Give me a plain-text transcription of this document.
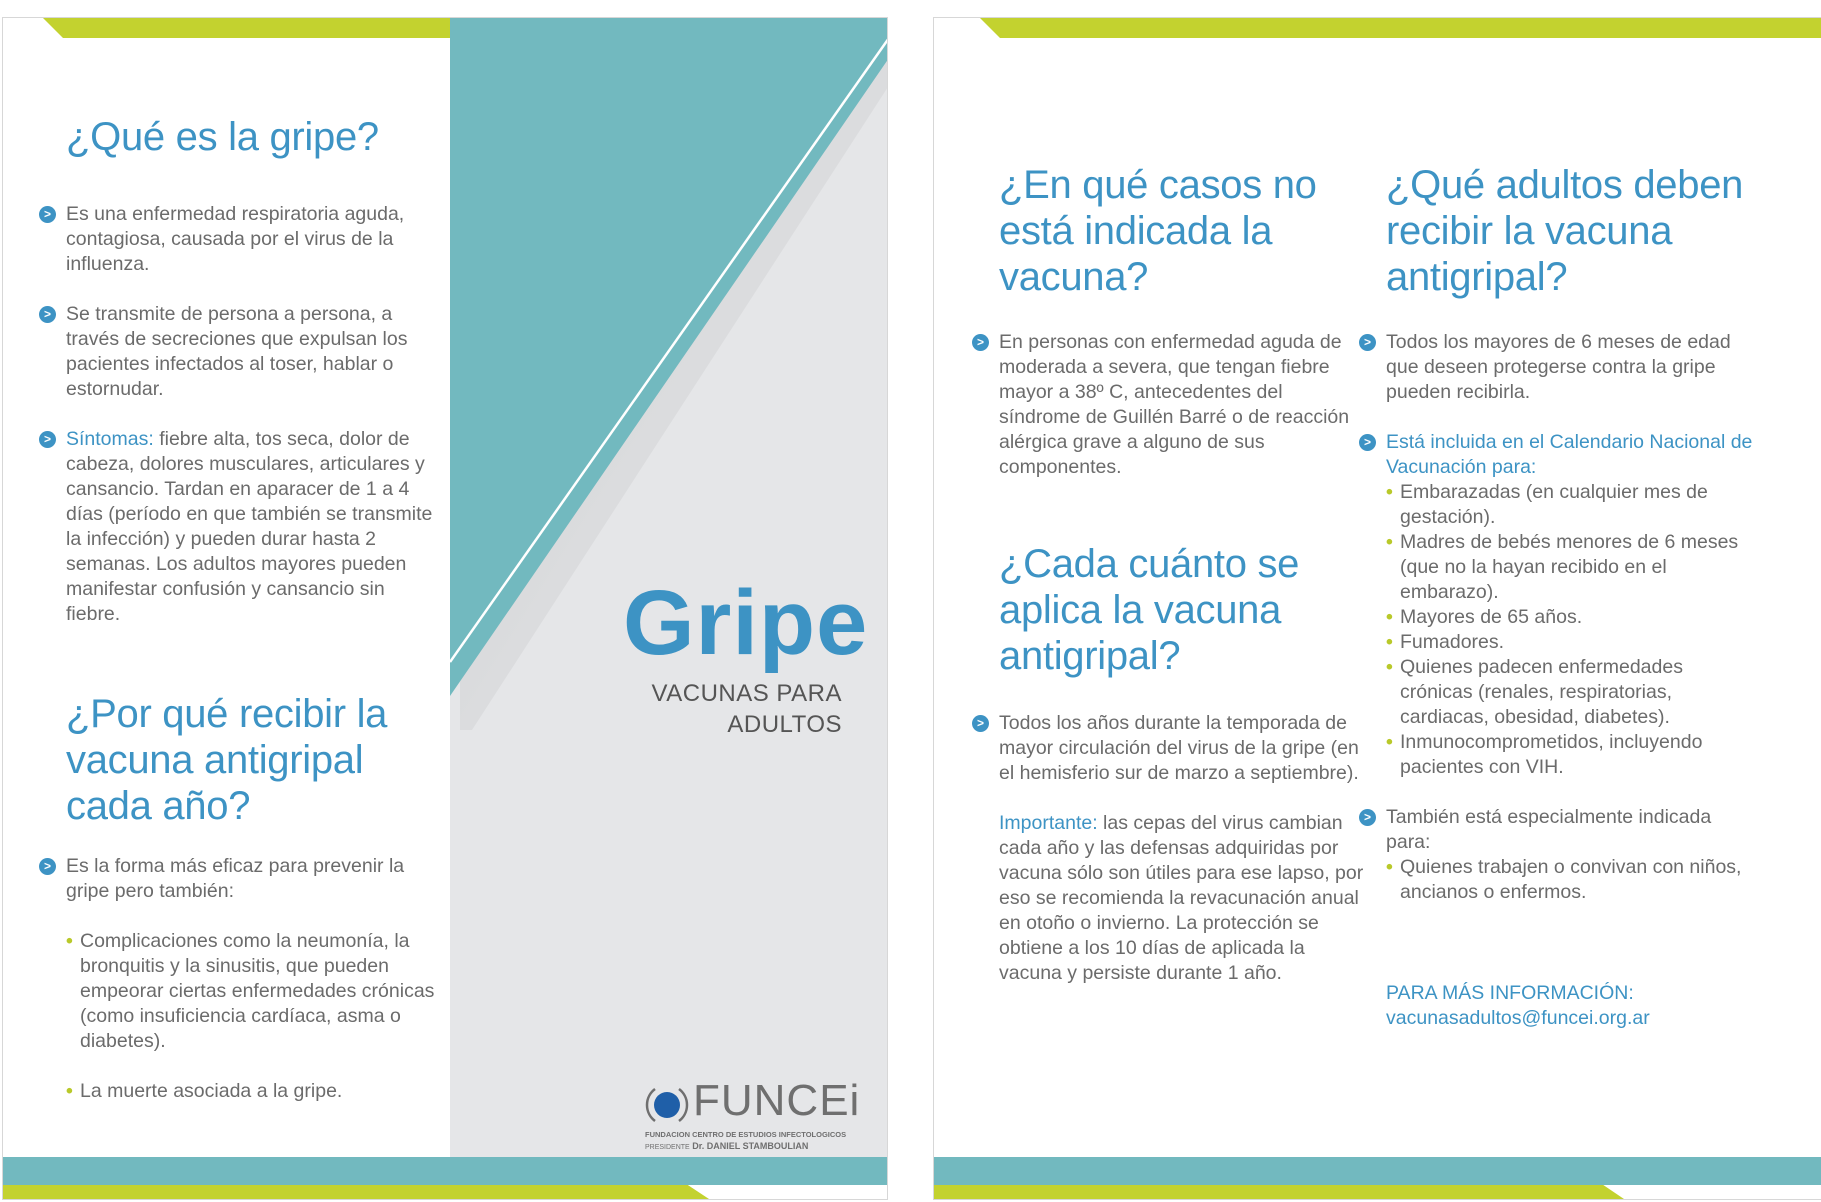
¿Qué es la gripe?

> Es una enfermedad respiratoria aguda, contagiosa, causada por el virus de la influenza.

> Se transmite de persona a persona, a través de secreciones que expulsan los pacientes infectados al toser, hablar o estornudar.

> Síntomas: fiebre alta, tos seca, dolor de cabeza, dolores musculares, articulares y cansancio. Tardan en aparacer de 1 a 4 días (período en que también se transmite la infección) y pueden durar hasta 2 semanas. Los adultos mayores pueden manifestar confusión y cansancio sin fiebre.

¿Por qué recibir la
vacuna antigripal
cada año?

> Es la forma más eficaz para prevenir la gripe pero también:

• Complicaciones como la neumonía, la bronquitis y la sinusitis, que pueden empeorar ciertas enfermedades crónicas (como insuficiencia cardíaca, asma o diabetes).

• La muerte asociada a la gripe.

Gripe
VACUNAS PARA
ADULTOS
FUNCEi
FUNDACION CENTRO DE ESTUDIOS INFECTOLOGICOS
PRESIDENTE Dr. DANIEL STAMBOULIAN
¿En qué casos no
está indicada la
vacuna?

> En personas con enfermedad aguda de moderada a severa, que tengan fiebre mayor a 38º C, antecedentes del síndrome de Guillén Barré o de reacción alérgica grave a alguno de sus componentes.

¿Cada cuánto se
aplica la vacuna
antigripal?

> Todos los años durante la temporada de mayor circulación del virus de la gripe (en el hemisferio sur de marzo a septiembre).

Importante: las cepas del virus cambian cada año y las defensas adquiridas por vacuna sólo son útiles para ese lapso, por eso se recomienda la revacunación anual en otoño o invierno. La protección se obtiene a los 10 días de aplicada la vacuna y persiste durante 1 año.

¿Qué adultos deben
recibir la vacuna
antigripal?

> Todos los mayores de 6 meses de edad que deseen protegerse contra la gripe pueden recibirla.

> Está incluida en el Calendario Nacional de Vacunación para:

• Embarazadas (en cualquier mes de gestación).

• Madres de bebés menores de 6 meses (que no la hayan recibido en el embarazo).

• Mayores de 65 años.

• Fumadores.

• Quienes padecen enfermedades crónicas (renales, respiratorias, cardiacas, obesidad, diabetes).

• Inmunocomprometidos, incluyendo pacientes con VIH.

> También está especialmente indicada para:

• Quienes trabajen o convivan con niños, ancianos o enfermos.

PARA MÁS INFORMACIÓN:
vacunasadultos@funcei.org.ar
